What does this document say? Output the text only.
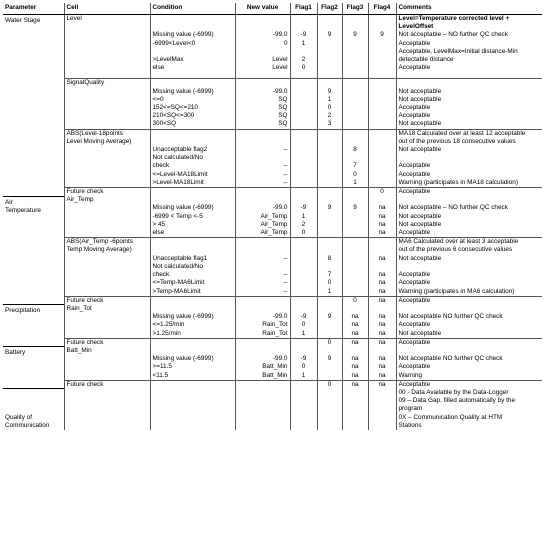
Parameter	Cell	Condition	New value	Flag1	Flag2	Flag3	Flag4	Comments

Water Stage	Level							Level=Temperature corrected level + LevelOffset
		Missing value (-6999)	-99.0	-9	9	9	9	Not acceptable – NO further QC check
		-6999<Level<0	0	1				Acceptable
								Acceptable, LevelMax=Initial distance-Min
		>LevelMax	Level	2				detectable distance
		else	Level	0				Acceptable

	SignalQuality							
		Missing value (-6999)	-99.0		9			Not acceptable
		<=0	SQ		1			Not acceptable
		152<=SQ<=210	SQ		0			Acceptable
		210<SQ<=300	SQ		2			Acceptable
		300<SQ	SQ		3			Not acceptable
	ABS(Level-18points							MA18 Calculated over at least 12 acceptable
	Level Moving Average)							out of the previous 18 consecutive values
		Unacceptable flag2	--			8		Not acceptable
		Not calculated/No						
		check	--			7		Acceptable
		<=Level-MA18Limit	--			0		Acceptable
		>Level-MA18Limit	--			1		Warning (participates in MA18 calculation)
	Future check						0	Acceptable

Air
Temperature	Air_Temp							
		Missing value (-6999)	-99.0	-9	9	9	na	Not acceptable – NO further QC check
		-6999 < Temp <-5	Air_Temp	1			na	Not acceptable
		> 45	Air_Temp	2			na	Not acceptable
		else	Air_Temp	0			na	Acceptable
	ABS(Air_Temp -6points							MA6 Calculated over at least 3 acceptable
	Temp Moving Average)							out of the previous 6 consecutive values
		Unacceptable flag1	--		8		na	Not acceptable
		Not calculated/No						
		check	--		7		na	Acceptable
		<=Temp-MA6Limit	--		0		na	Acceptable
		>Temp-MA6Limit	--		1		na	Warning (participates in MA6 calculation)
	Future check					0	na	Acceptable

Precipitation	Rain_Tot							
		Missing value (-6999)	-99.0	-9	9	na	na	Not acceptable NO further QC check
		<=1.25/min	Rain_Tot	0		na	na	Acceptable
		>1.25/min	Rain_Tot	1		na	na	Not acceptable
	Future check				0	na	na	Acceptable

Battery	Batt_Min							
		Missing value (-6999)	-99.0	-9	9	na	na	Not acceptable NO further QC check
		>=11.5	Batt_Min	0		na	na	Acceptable
		<11.5	Batt_Min	1		na	na	Warning
	Future check				0	na	na	Acceptable

Quality of
Communication								00 - Data Available by the Data-Logger
								09 – Data Gap, filled automatically by the
								program
								0X – Communication Quality at HTM
								Stations
